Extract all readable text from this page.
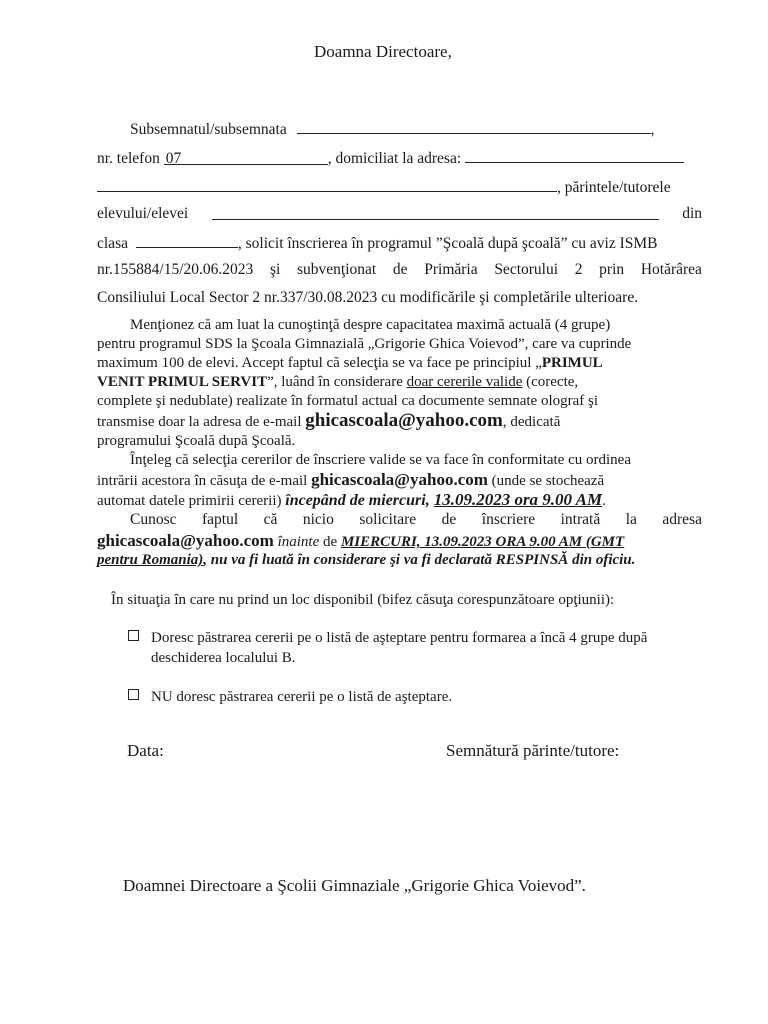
Doamna Directoare,
Subsemnatul/subsemnata	,
nr. telefon 07	, domiciliat la adresa:
, părintele/tutorele
elevului/elevei	din
clasa	, solicit înscrierea în programul ”Şcoală după şcoală” cu aviz ISMB
nr.155884/15/20.06.2023 şi subvenţionat de Primăria Sectorului 2 prin Hotărârea
Consiliului Local Sector 2 nr.337/30.08.2023 cu modificările şi completările ulterioare.
Menţionez că am luat la cunoştinţă despre capacitatea maximă actuală (4 grupe)
pentru programul SDS la Şcoala Gimnazială „Grigorie Ghica Voievod”, care va cuprinde
maximum 100 de elevi. Accept faptul că selecţia se va face pe principiul „PRIMUL
VENIT PRIMUL SERVIT”, luând în considerare doar cererile valide (corecte,
complete şi nedublate) realizate în formatul actual ca documente semnate olograf şi
transmise doar la adresa de e-mail ghicascoala@yahoo.com, dedicată
programului Şcoală după Şcoală.
Înţeleg că selecţia cererilor de înscriere valide se va face în conformitate cu ordinea
intrării acestora în căsuţa de e-mail ghicascoala@yahoo.com (unde se stochează
automat datele primirii cererii) începând de miercuri, 13.09.2023 ora 9.00 AM.
Cunosc faptul că nicio solicitare de înscriere intrată la adresa
ghicascoala@yahoo.com înainte de MIERCURI, 13.09.2023 ORA 9.00 AM (GMT
pentru Romania), nu va fi luată în considerare şi va fi declarată RESPINSĂ din oficiu.
În situaţia în care nu prind un loc disponibil (bifez căsuţa corespunzătoare opţiunii):
Doresc păstrarea cererii pe o listă de aşteptare pentru formarea a încă 4 grupe după
deschiderea localului B.
NU doresc păstrarea cererii pe o listă de aşteptare.
Data:	Semnătură părinte/tutore:
Doamnei Directoare a Şcolii Gimnaziale „Grigorie Ghica Voievod”.
